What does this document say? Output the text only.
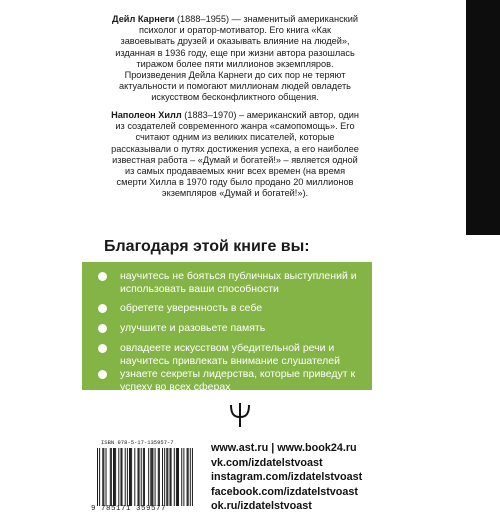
Дейл Карнеги (1888–1955) — знаменитый американский психолог и оратор-мотиватор. Его книга «Как завоевывать друзей и оказывать влияние на людей», изданная в 1936 году, еще при жизни автора разошлась тиражом более пяти миллионов экземпляров. Произведения Дейла Карнеги до сих пор не теряют актуальности и помогают миллионам людей овладеть искусством бесконфликтного общения.
Наполеон Хилл (1883–1970) – американский автор, один из создателей современного жанра «самопомощь». Его считают одним из великих писателей, которые рассказывали о путях достижения успеха, а его наиболее известная работа – «Думай и богатей!» – является одной из самых продаваемых книг всех времен (на время смерти Хилла в 1970 году было продано 20 миллионов экземпляров «Думай и богатей!»).
Благодаря этой книге вы:
научитесь не бояться публичных выступлений и использовать ваши способности
обретете уверенность в себе
улучшите и разовьете память
овладеете искусством убедительной речи и научитесь привлекать внимание слушателей
узнаете секреты лидерства, которые приведут к успеху во всех сферах
ISBN 978-5-17-135957-7
9 785171 359577
www.ast.ru | www.book24.ru
vk.com/izdatelstvoast
instagram.com/izdatelstvoast
facebook.com/izdatelstvoast
ok.ru/izdatelstvoast
